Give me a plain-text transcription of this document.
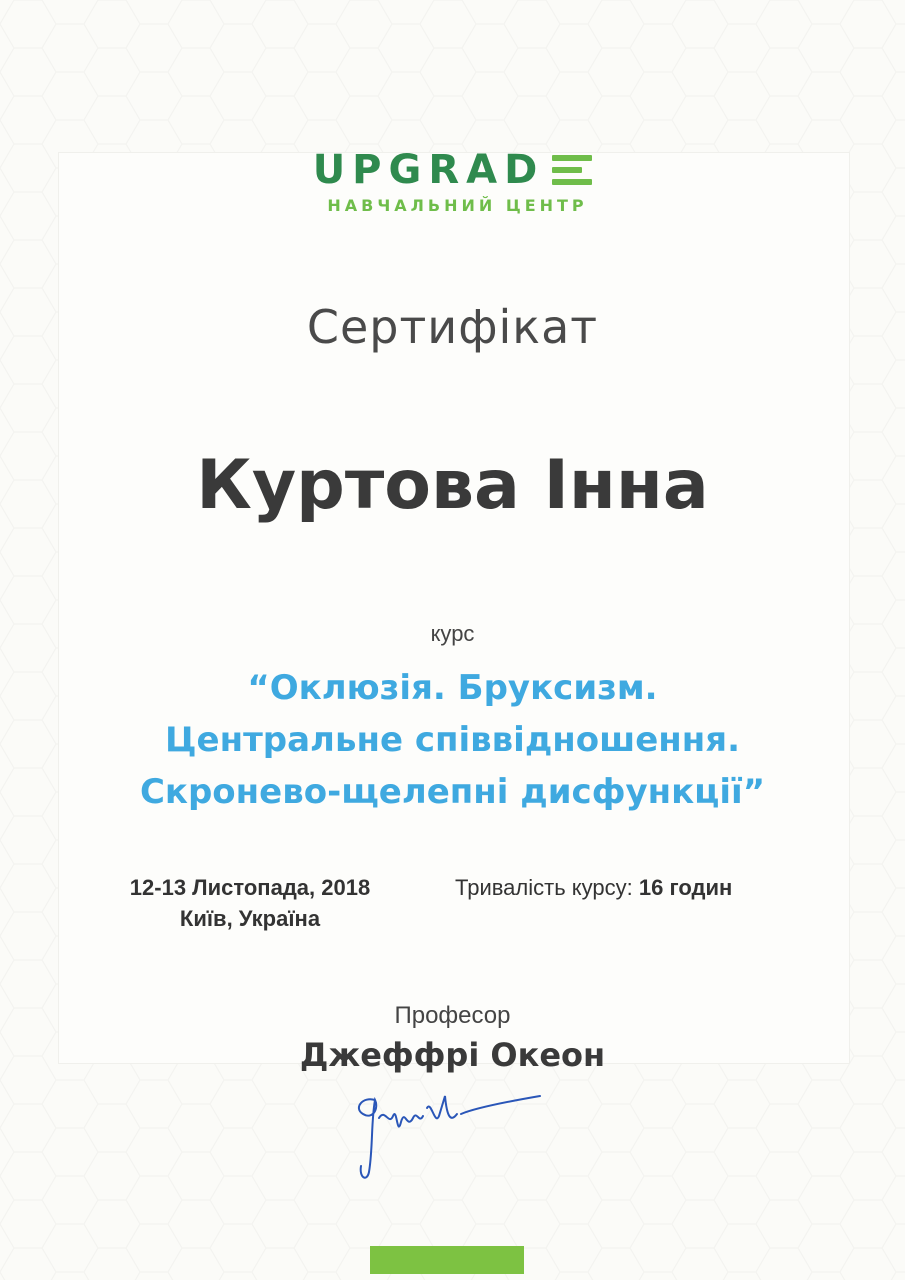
UPGRAD
НАВЧАЛЬНИЙ ЦЕНТР
Сертифікат
Куртова Інна
курс
“Оклюзія. Бруксизм.
Центральне співвідношення.
Скронево-щелепні дисфункції”
12-13 Листопада, 2018
Київ, Україна
Тривалість курсу: 16 годин
Професор
Джеффрі Океон
